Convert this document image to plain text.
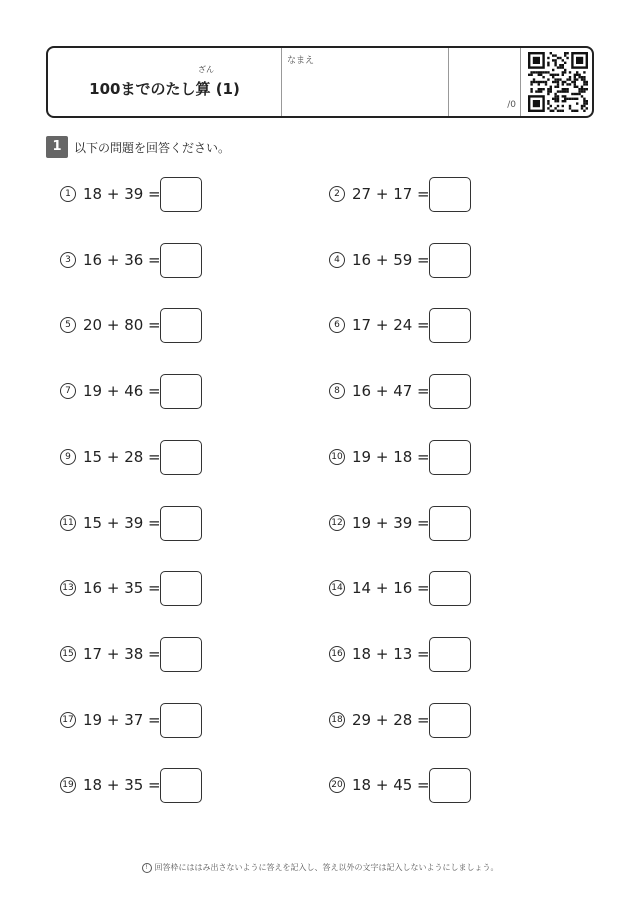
ざん
100までのたし算 (1)
なまえ
/0
1	以下の問題を回答ください。
1 18 + 39 =	2 27 + 17 =
3 16 + 36 =	4 16 + 59 =
5 20 + 80 =	6 17 + 24 =
7 19 + 46 =	8 16 + 47 =
9 15 + 28 =	10 19 + 18 =
11 15 + 39 =	12 19 + 39 =
13 16 + 35 =	14 14 + 16 =
15 17 + 38 =	16 18 + 13 =
17 19 + 37 =	18 29 + 28 =
19 18 + 35 =	20 18 + 45 =
! 回答枠にははみ出さないように答えを記入し、答え以外の文字は記入しないようにしましょう。
